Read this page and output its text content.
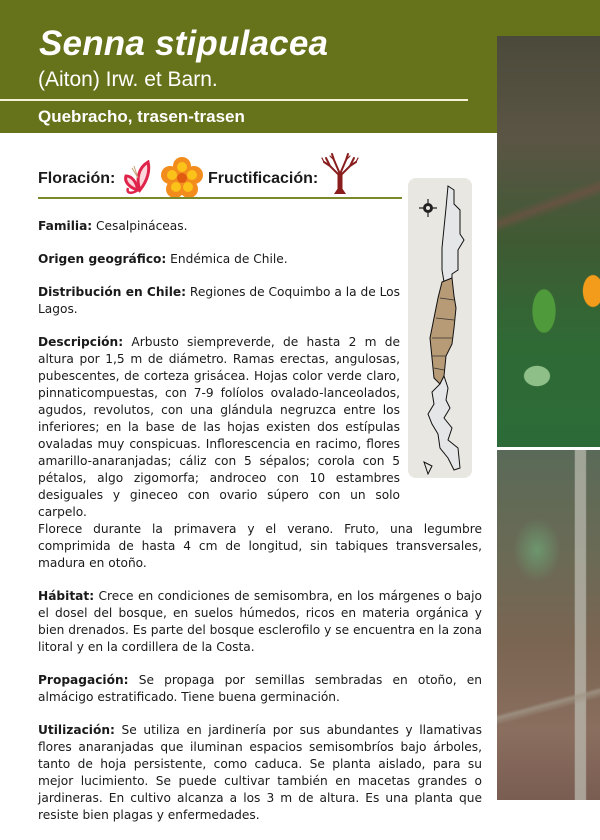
Senna stipulacea
(Aiton) Irw. et Barn.
Quebracho, trasen-trasen
Floración:	Fructificación:

Familia: Cesalpináceas.

Origen geográfico: Endémica de Chile.

Distribución en Chile: Regiones de Coquimbo a la de Los Lagos.

Descripción: Arbusto siempreverde, de hasta 2 m de altura por 1,5 m de diámetro. Ramas erectas, angulosas, pubescentes, de corteza grisácea. Hojas color verde claro, pinnaticompuestas, con 7-9 folíolos ovalado-lanceolados, agudos, revolutos, con una glándula negruzca entre los inferiores; en la base de las hojas existen dos estípulas ovaladas muy conspicuas. Inflorescencia en racimo, flores amarillo-anaranjadas; cáliz con 5 sépalos; corola con 5 pétalos, algo zigomorfa; androceo con 10 estambres desiguales y gineceo con ovario súpero con un solo carpelo.

Florece durante la primavera y el verano. Fruto, una legumbre comprimida de hasta 4 cm de longitud, sin tabiques transversales, madura en otoño.

Hábitat: Crece en condiciones de semisombra, en los márgenes o bajo el dosel del bosque, en suelos húmedos, ricos en materia orgánica y bien drenados. Es parte del bosque esclerofilo y se encuentra en la zona litoral y en la cordillera de la Costa.

Propagación: Se propaga por semillas sembradas en otoño, en almácigo estratificado. Tiene buena germinación.

Utilización: Se utiliza en jardinería por sus abundantes y llamativas flores anaranjadas que iluminan espacios semisombríos bajo árboles, tanto de hoja persistente, como caduca. Se planta aislado, para su mejor lucimiento. Se puede cultivar también en macetas grandes o jardineras. En cultivo alcanza a los 3 m de altura. Es una planta que resiste bien plagas y enfermedades.
